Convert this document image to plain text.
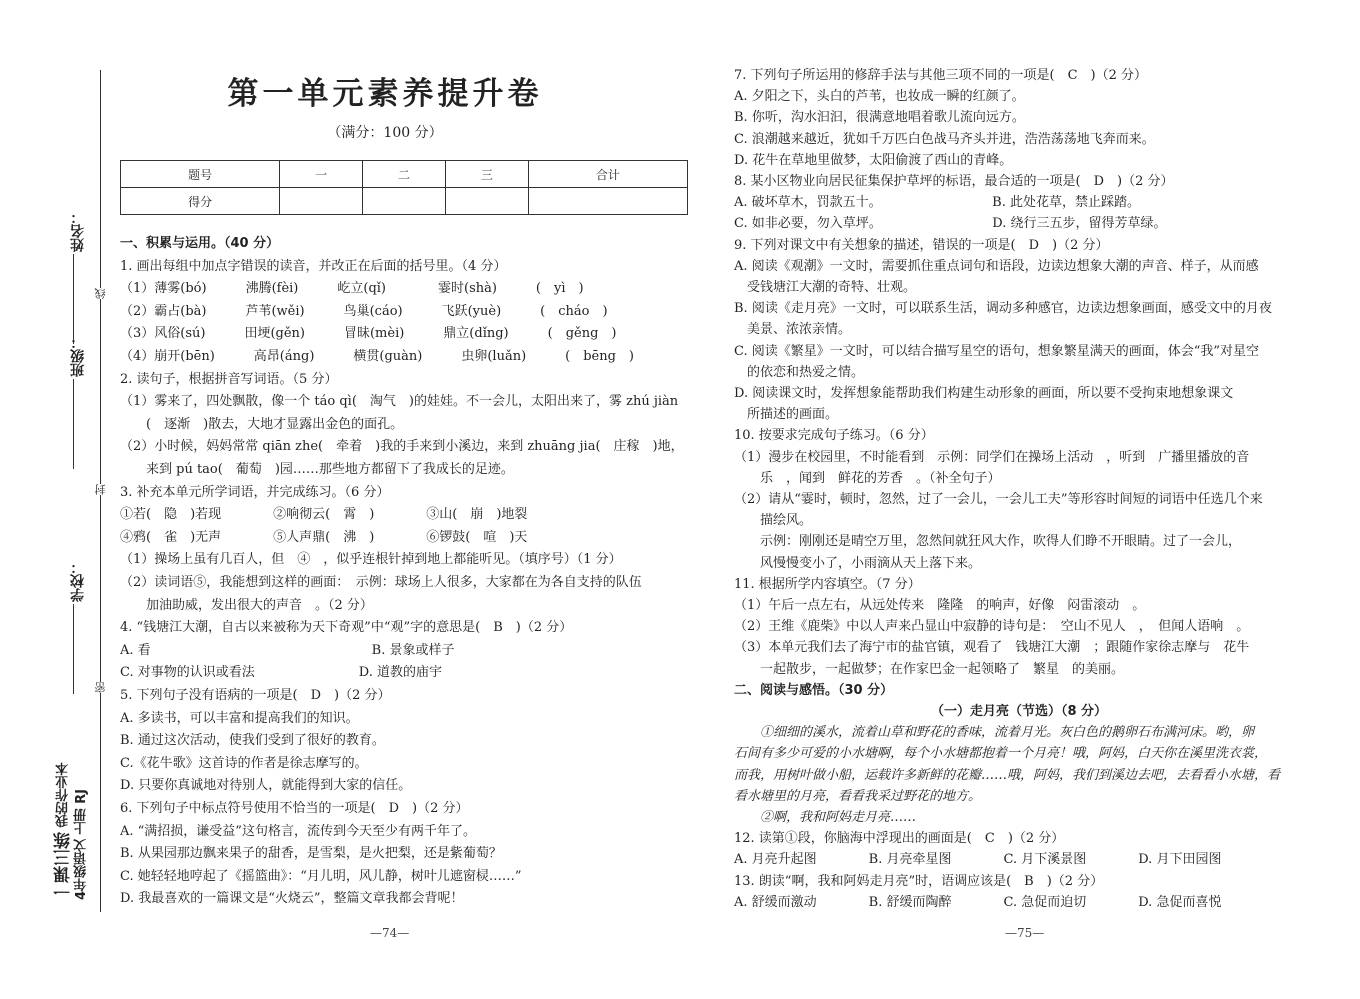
姓名：
班级：
学校：
线
封
密
一课三练 我的作业本 4年级语文 上册 RJ
第一单元素养提升卷
（满分：100 分）
题号	一	二	三	合计
得分				
一、积累与运用。（40 分）
1. 画出每组中加点字错误的读音，并改正在后面的括号里。（4 分）
（1）薄雾(bó)　　　沸腾(fèi)　　　屹立(qǐ)　　　　霎时(shà)　　　(　yì　)
（2）霸占(bà)　　　芦苇(wěi)　　　鸟巢(cáo)　　　飞跃(yuè)　　　(　cháo　)
（3）风俗(sú)　　　田埂(gěn)　　　冒昧(mèi)　　　鼎立(dǐng)　　　(　gěng　)
（4）崩开(bēn)　　　高昂(áng)　　　横贯(guàn)　　　虫卵(luǎn)　　　(　bēng　)
2. 读句子，根据拼音写词语。（5 分）
（1）雾来了，四处飘散，像一个 táo qì(　淘气　)的娃娃。不一会儿，太阳出来了，雾 zhú jiàn
　　(　逐渐　)散去，大地才显露出金色的面孔。
（2）小时候，妈妈常常 qiān zhe(　牵着　)我的手来到小溪边，来到 zhuāng jia(　庄稼　)地，
　　来到 pú tao(　葡萄　)园……那些地方都留下了我成长的足迹。
3. 补充本单元所学词语，并完成练习。（6 分）
①若(　隐　)若现　　　　②响彻云(　霄　)　　　　③山(　崩　)地裂
④鸦(　雀　)无声　　　　⑤人声鼎(　沸　)　　　　⑥锣鼓(　喧　)天
（1）操场上虽有几百人，但　④　，似乎连根针掉到地上都能听见。（填序号）（1 分）
（2）读词语⑤，我能想到这样的画面：　示例：球场上人很多，大家都在为各自支持的队伍
　　加油助威，发出很大的声音　。（2 分）
4. “钱塘江大潮，自古以来被称为天下奇观”中“观”字的意思是(　B　)（2 分）
A. 看　　　　　　　　　　　　　　　　　B. 景象或样子
C. 对事物的认识或看法　　　　　　　　D. 道教的庙宇
5. 下列句子没有语病的一项是(　D　)（2 分）
A. 多读书，可以丰富和提高我们的知识。
B. 通过这次活动，使我们受到了很好的教育。
C.《花牛歌》这首诗的作者是徐志摩写的。
D. 只要你真诚地对待别人，就能得到大家的信任。
6. 下列句子中标点符号使用不恰当的一项是(　D　)（2 分）
A. “满招损，谦受益”这句格言，流传到今天至少有两千年了。
B. 从果园那边飘来果子的甜香，是雪梨，是火把梨，还是紫葡萄？
C. 她轻轻地哼起了《摇篮曲》：“月儿明，风儿静，树叶儿遮窗棂……”
D. 我最喜欢的一篇课文是“火烧云”，整篇文章我都会背呢！
7. 下列句子所运用的修辞手法与其他三项不同的一项是(　C　)（2 分）
A. 夕阳之下，头白的芦苇，也妆成一瞬的红颜了。
B. 你听，沟水汩汩，很满意地唱着歌儿流向远方。
C. 浪潮越来越近，犹如千万匹白色战马齐头并进，浩浩荡荡地飞奔而来。
D. 花牛在草地里做梦，太阳偷渡了西山的青峰。
8. 某小区物业向居民征集保护草坪的标语，最合适的一项是(　D　)（2 分）
A. 破坏草木，罚款五十。　　　　　　　　　B. 此处花草，禁止踩踏。
C. 如非必要，勿入草坪。　　　　　　　　　D. 绕行三五步，留得芳草绿。
9. 下列对课文中有关想象的描述，错误的一项是(　D　)（2 分）
A. 阅读《观潮》一文时，需要抓住重点词句和语段，边读边想象大潮的声音、样子，从而感
　受钱塘江大潮的奇特、壮观。
B. 阅读《走月亮》一文时，可以联系生活，调动多种感官，边读边想象画面，感受文中的月夜
　美景、浓浓亲情。
C. 阅读《繁星》一文时，可以结合描写星空的语句，想象繁星满天的画面，体会“我”对星空
　的依恋和热爱之情。
D. 阅读课文时，发挥想象能帮助我们构建生动形象的画面，所以要不受拘束地想象课文
　所描述的画面。
10. 按要求完成句子练习。（6 分）
（1）漫步在校园里，不时能看到　示例：同学们在操场上活动　，听到　广播里播放的音
　　乐　，闻到　鲜花的芳香　。（补全句子）
（2）请从“霎时，顿时，忽然，过了一会儿，一会儿工夫”等形容时间短的词语中任选几个来
　　描绘风。
　　示例：刚刚还是晴空万里，忽然间就狂风大作，吹得人们睁不开眼睛。过了一会儿，
　　风慢慢变小了，小雨滴从天上落下来。
11. 根据所学内容填空。（7 分）
（1）午后一点左右，从远处传来　隆隆　的响声，好像　闷雷滚动　。
（2）王维《鹿柴》中以人声来凸显山中寂静的诗句是：　空山不见人　，　但闻人语响　。
（3）本单元我们去了海宁市的盐官镇，观看了　钱塘江大潮　；跟随作家徐志摩与　花牛　
　　一起散步，一起做梦；在作家巴金一起领略了　繁星　的美丽。
二、阅读与感悟。（30 分）
（一）走月亮（节选）（8 分）
　　①细细的溪水，流着山草和野花的香味，流着月光。灰白色的鹅卵石布满河床。哟，卵
石间有多少可爱的小水塘啊，每个小水塘都抱着一个月亮！哦，阿妈，白天你在溪里洗衣裳，
而我，用树叶做小船，运载许多新鲜的花瓣……哦，阿妈，我们到溪边去吧，去看看小水塘，看
看水塘里的月亮，看看我采过野花的地方。
　　②啊，我和阿妈走月亮……
12. 读第①段，你脑海中浮现出的画面是(　C　)（2 分）
A. 月亮升起图　　　　B. 月亮牵星图　　　　C. 月下溪景图　　　　D. 月下田园图
13. 朗读“啊，我和阿妈走月亮”时，语调应该是(　B　)（2 分）
A. 舒缓而激动　　　　B. 舒缓而陶醉　　　　C. 急促而迫切　　　　D. 急促而喜悦
—74—	—75—
